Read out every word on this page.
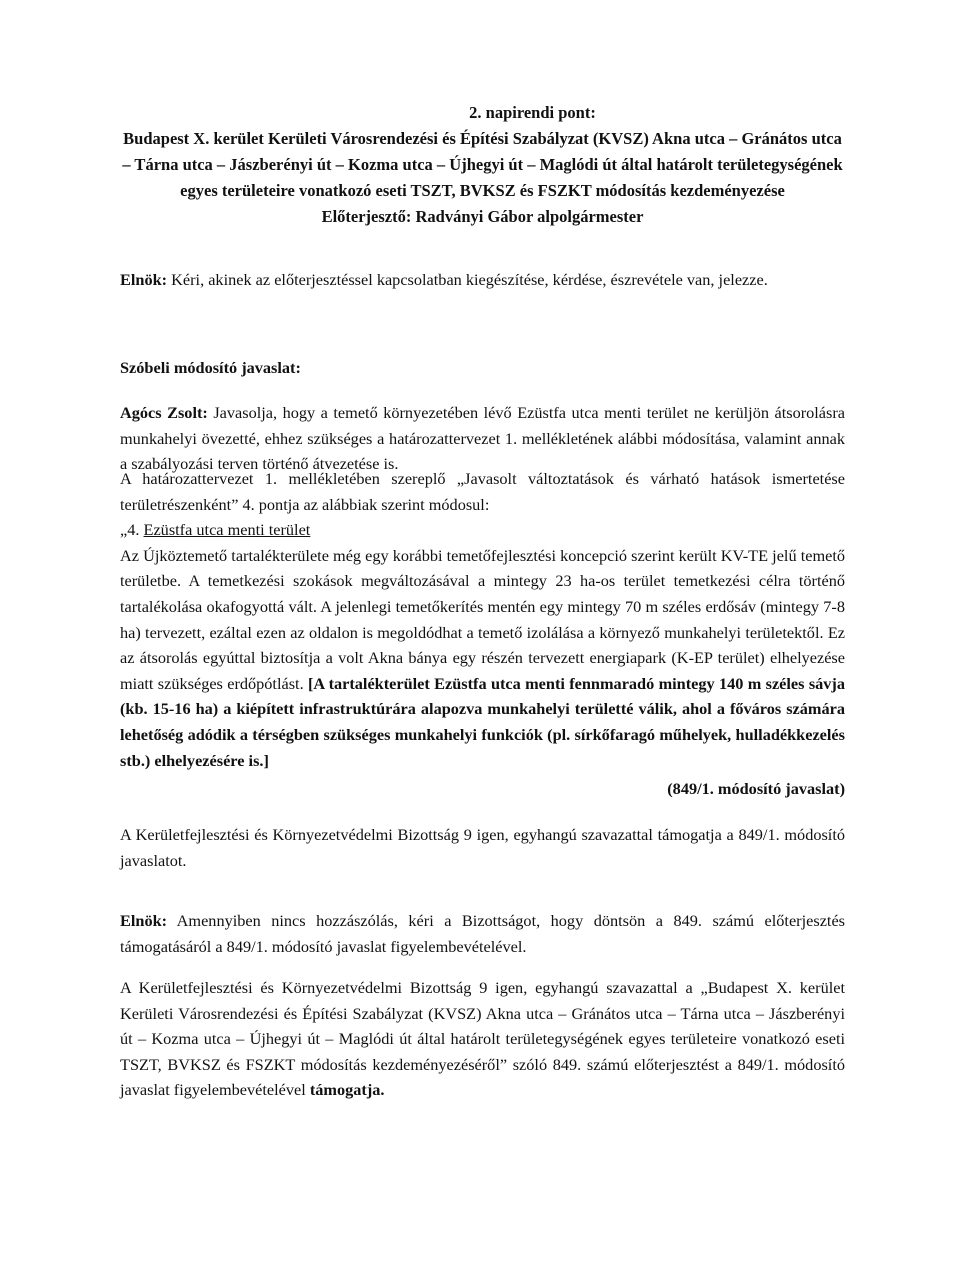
2. napirendi pont:
Budapest X. kerület Kerületi Városrendezési és Építési Szabályzat (KVSZ) Akna utca – Gránátos utca – Tárna utca – Jászberényi út – Kozma utca – Újhegyi út – Maglódi út által határolt területegységének egyes területeire vonatkozó eseti TSZT, BVKSZ és FSZKT módosítás kezdeményezése
Előterjesztő: Radványi Gábor alpolgármester
Elnök: Kéri, akinek az előterjesztéssel kapcsolatban kiegészítése, kérdése, észrevétele van, jelezze.
Szóbeli módosító javaslat:
Agócs Zsolt: Javasolja, hogy a temető környezetében lévő Ezüstfa utca menti terület ne kerüljön átsorolásra munkahelyi övezetté, ehhez szükséges a határozattervezet 1. mellékletének alábbi módosítása, valamint annak a szabályozási terven történő átvezetése is.
A határozattervezet 1. mellékletében szereplő „Javasolt változtatások és várható hatások ismertetése területrészenként” 4. pontja az alábbiak szerint módosul:
„4. Ezüstfa utca menti terület
Az Újköztemető tartalékterülete még egy korábbi temetőfejlesztési koncepció szerint került KV-TE jelű temető területbe. A temetkezési szokások megváltozásával a mintegy 23 ha-os terület temetkezési célra történő tartalékolása okafogyottá vált. A jelenlegi temetőkerítés mentén egy mintegy 70 m széles erdősáv (mintegy 7-8 ha) tervezett, ezáltal ezen az oldalon is megoldódhat a temető izolálása a környező munkahelyi területektől. Ez az átsorolás egyúttal biztosítja a volt Akna bánya egy részén tervezett energiapark (K-EP terület) elhelyezése miatt szükséges erdőpótlást. [A tartalékterület Ezüstfa utca menti fennmaradó mintegy 140 m széles sávja (kb. 15-16 ha) a kiépített infrastruktúrára alapozva munkahelyi területté válik, ahol a főváros számára lehetőség adódik a térségben szükséges munkahelyi funkciók (pl. sírkőfaragó műhelyek, hulladékkezelés stb.) elhelyezésére is.]
(849/1. módosító javaslat)
A Kerületfejlesztési és Környezetvédelmi Bizottság 9 igen, egyhangú szavazattal támogatja a 849/1. módosító javaslatot.
Elnök: Amennyiben nincs hozzászólás, kéri a Bizottságot, hogy döntsön a 849. számú előterjesztés támogatásáról a 849/1. módosító javaslat figyelembevételével.
A Kerületfejlesztési és Környezetvédelmi Bizottság 9 igen, egyhangú szavazattal a „Budapest X. kerület Kerületi Városrendezési és Építési Szabályzat (KVSZ) Akna utca – Gránátos utca – Tárna utca – Jászberényi út – Kozma utca – Újhegyi út – Maglódi út által határolt területegységének egyes területeire vonatkozó eseti TSZT, BVKSZ és FSZKT módosítás kezdeményezéséről” szóló 849. számú előterjesztést a 849/1. módosító javaslat figyelembevételével támogatja.
